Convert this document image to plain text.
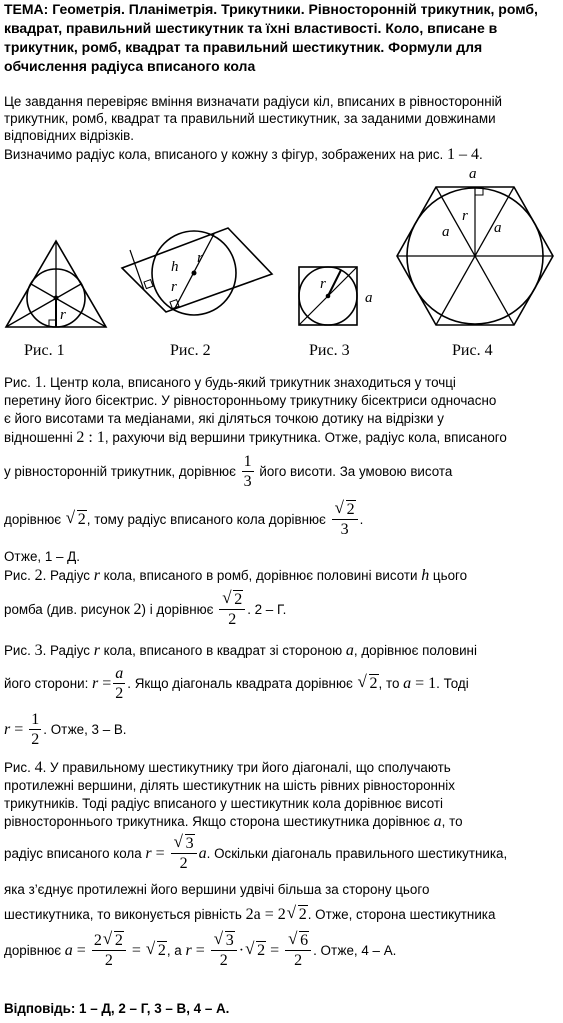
ТЕМА: Геометрія. Планіметрія. Трикутники. Рівносторонній трикутник, ромб, квадрат, правильний шестикутник та їхні властивості. Коло, вписане в трикутник, ромб, квадрат та правильний шестикутник. Формули для обчислення радіуса вписаного кола
Це завдання перевіряє вміння визначати радіуси кіл, вписаних в рівносторонній трикутник, ромб, квадрат та правильний шестикутник, за заданими довжинами відповідних відрізків.
Визначимо радіус кола, вписаного у кожну з фігур, зображених на рис. 1 – 4.
r
h
r
r	r
a
a
r
a	a
Рис. 1	Рис. 2	Рис. 3	Рис. 4
Рис. 1. Центр кола, вписаного у будь-який трикутник знаходиться у точці
перетину його бісектрис. У рівносторонньому трикутнику бісектриси одночасно
є його висотами та медіанами, які діляться точкою дотику на відрізки у
відношенні 2 : 1, рахуючи від вершини трикутника. Отже, радіус кола, вписаного
у рівносторонній трикутник, дорівнює $\frac{1}{3}$ його висоти. За умовою висота
дорівнює √ 2, тому радіус вписаного кола дорівнює √ $\frac{2}{3}$ .
Отже, 1 – Д.
Рис. 2. Радіус r кола, вписаного в ромб, дорівнює половині висоти h цього
ромба (див. рисунок 2) і дорівнює √ $\frac{2}{2}$ . 2 – Г.
Рис. 3. Радіус r кола, вписаного в квадрат зі стороною a, дорівнює половині
його сторони: $r = \frac{a}{2}$ . Якщо діагональ квадрата дорівнює √ 2, то a = 1. Тоді
$r = \frac{1}{2}$ . Отже, 3 – В.
Рис. 4. У правильному шестикутнику три його діагоналі, що сполучають
протилежні вершини, ділять шестикутник на шість рівних рівносторонніх
трикутників. Тоді радіус вписаного у шестикутник кола дорівнює висоті
рівностороннього трикутника. Якщо сторона шестикутника дорівнює a, то
радіус вписаного кола r = √ $\frac{3}{2} a$. Оскільки діагональ правильного шестикутника,
яка з’єднує протилежні його вершини удвічі більша за сторону цього
шестикутника, то виконується рівність 2a = 2 √ 2. Отже, сторона шестикутника
дорівнює $a = \frac{2 √ 2}{2}$ = √ 2, а r = √ $\frac{3}{2}$ · √ 2 = √ $\frac{6}{2}$ . Отже, 4 – А.
Відповідь: 1 – Д, 2 – Г, 3 – В, 4 – А.
